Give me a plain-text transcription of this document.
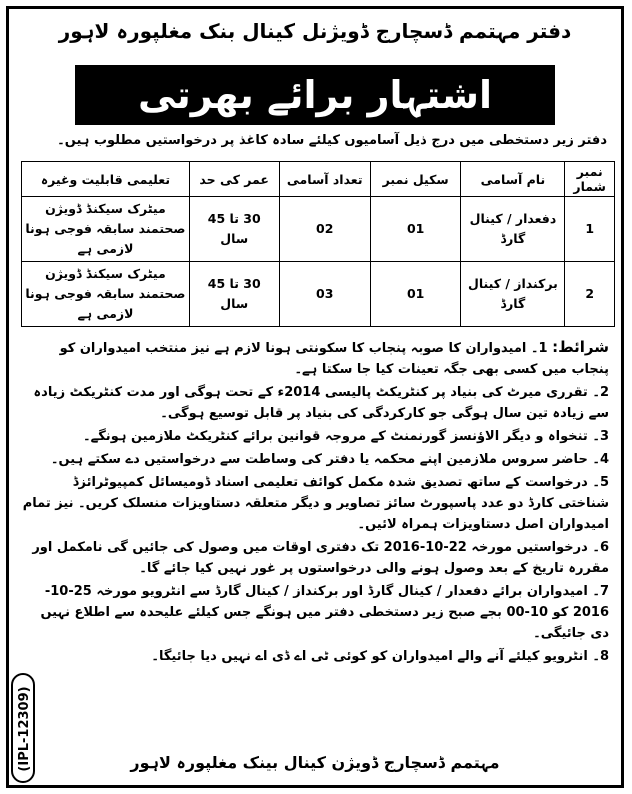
دفتر مہتمم ڈسچارج ڈویژنل کینال بنک مغلپورہ لاہور
اشتہار برائے بھرتی
دفتر زیر دستخطی میں درج ذیل آسامیوں کیلئے سادہ کاغذ پر درخواستیں مطلوب ہیں۔
نمبر شمار	نام آسامی	سکیل نمبر	تعداد آسامی	عمر کی حد	تعلیمی قابلیت وغیرہ
1	دفعدار / کینال گارڈ	01	02	30 تا 45 سال	میٹرک سیکنڈ ڈویژن صحتمند سابقہ فوجی ہونا لازمی ہے
2	برکنداز / کینال گارڈ	01	03	30 تا 45 سال	میٹرک سیکنڈ ڈویژن صحتمند سابقہ فوجی ہونا لازمی ہے
شرائط: 1۔ امیدواران کا صوبہ پنجاب کا سکونتی ہونا لازم ہے نیز منتخب امیدواران کو پنجاب میں کسی بھی جگہ تعینات کیا جا سکتا ہے۔
2۔ تقرری میرٹ کی بنیاد پر کنٹریکٹ پالیسی 2014ء کے تحت ہوگی اور مدت کنٹریکٹ زیادہ سے زیادہ تین سال ہوگی جو کارکردگی کی بنیاد پر قابل توسیع ہوگی۔
3۔ تنخواہ و دیگر الاؤنسز گورنمنٹ کے مروجہ قوانین برائے کنٹریکٹ ملازمین ہونگے۔
4۔ حاضر سروس ملازمین اپنے محکمہ یا دفتر کی وساطت سے درخواستیں دے سکتے ہیں۔
5۔ درخواست کے ساتھ تصدیق شدہ مکمل کوائف تعلیمی اسناد ڈومیسائل کمپیوٹرائزڈ شناختی کارڈ دو عدد پاسپورٹ سائز تصاویر و دیگر متعلقہ دستاویزات منسلک کریں۔ نیز تمام امیدواران اصل دستاویزات ہمراہ لائیں۔
6۔ درخواستیں مورخہ 22-10-2016 تک دفتری اوقات میں وصول کی جائیں گی نامکمل اور مقررہ تاریخ کے بعد وصول ہونے والی درخواستوں پر غور نہیں کیا جائے گا۔
7۔ امیدواران برائے دفعدار / کینال گارڈ اور برکنداز / کینال گارڈ سے انٹرویو مورخہ 25-10-2016 کو 10-00 بجے صبح زیر دستخطی دفتر میں ہونگے جس کیلئے علیحدہ سے اطلاع نہیں دی جائیگی۔
8۔ انٹرویو کیلئے آنے والے امیدواران کو کوئی ٹی اے ڈی اے نہیں دیا جائیگا۔
مہتمم ڈسچارج ڈویژن کینال بینک مغلپورہ لاہور
(IPL-12309)
